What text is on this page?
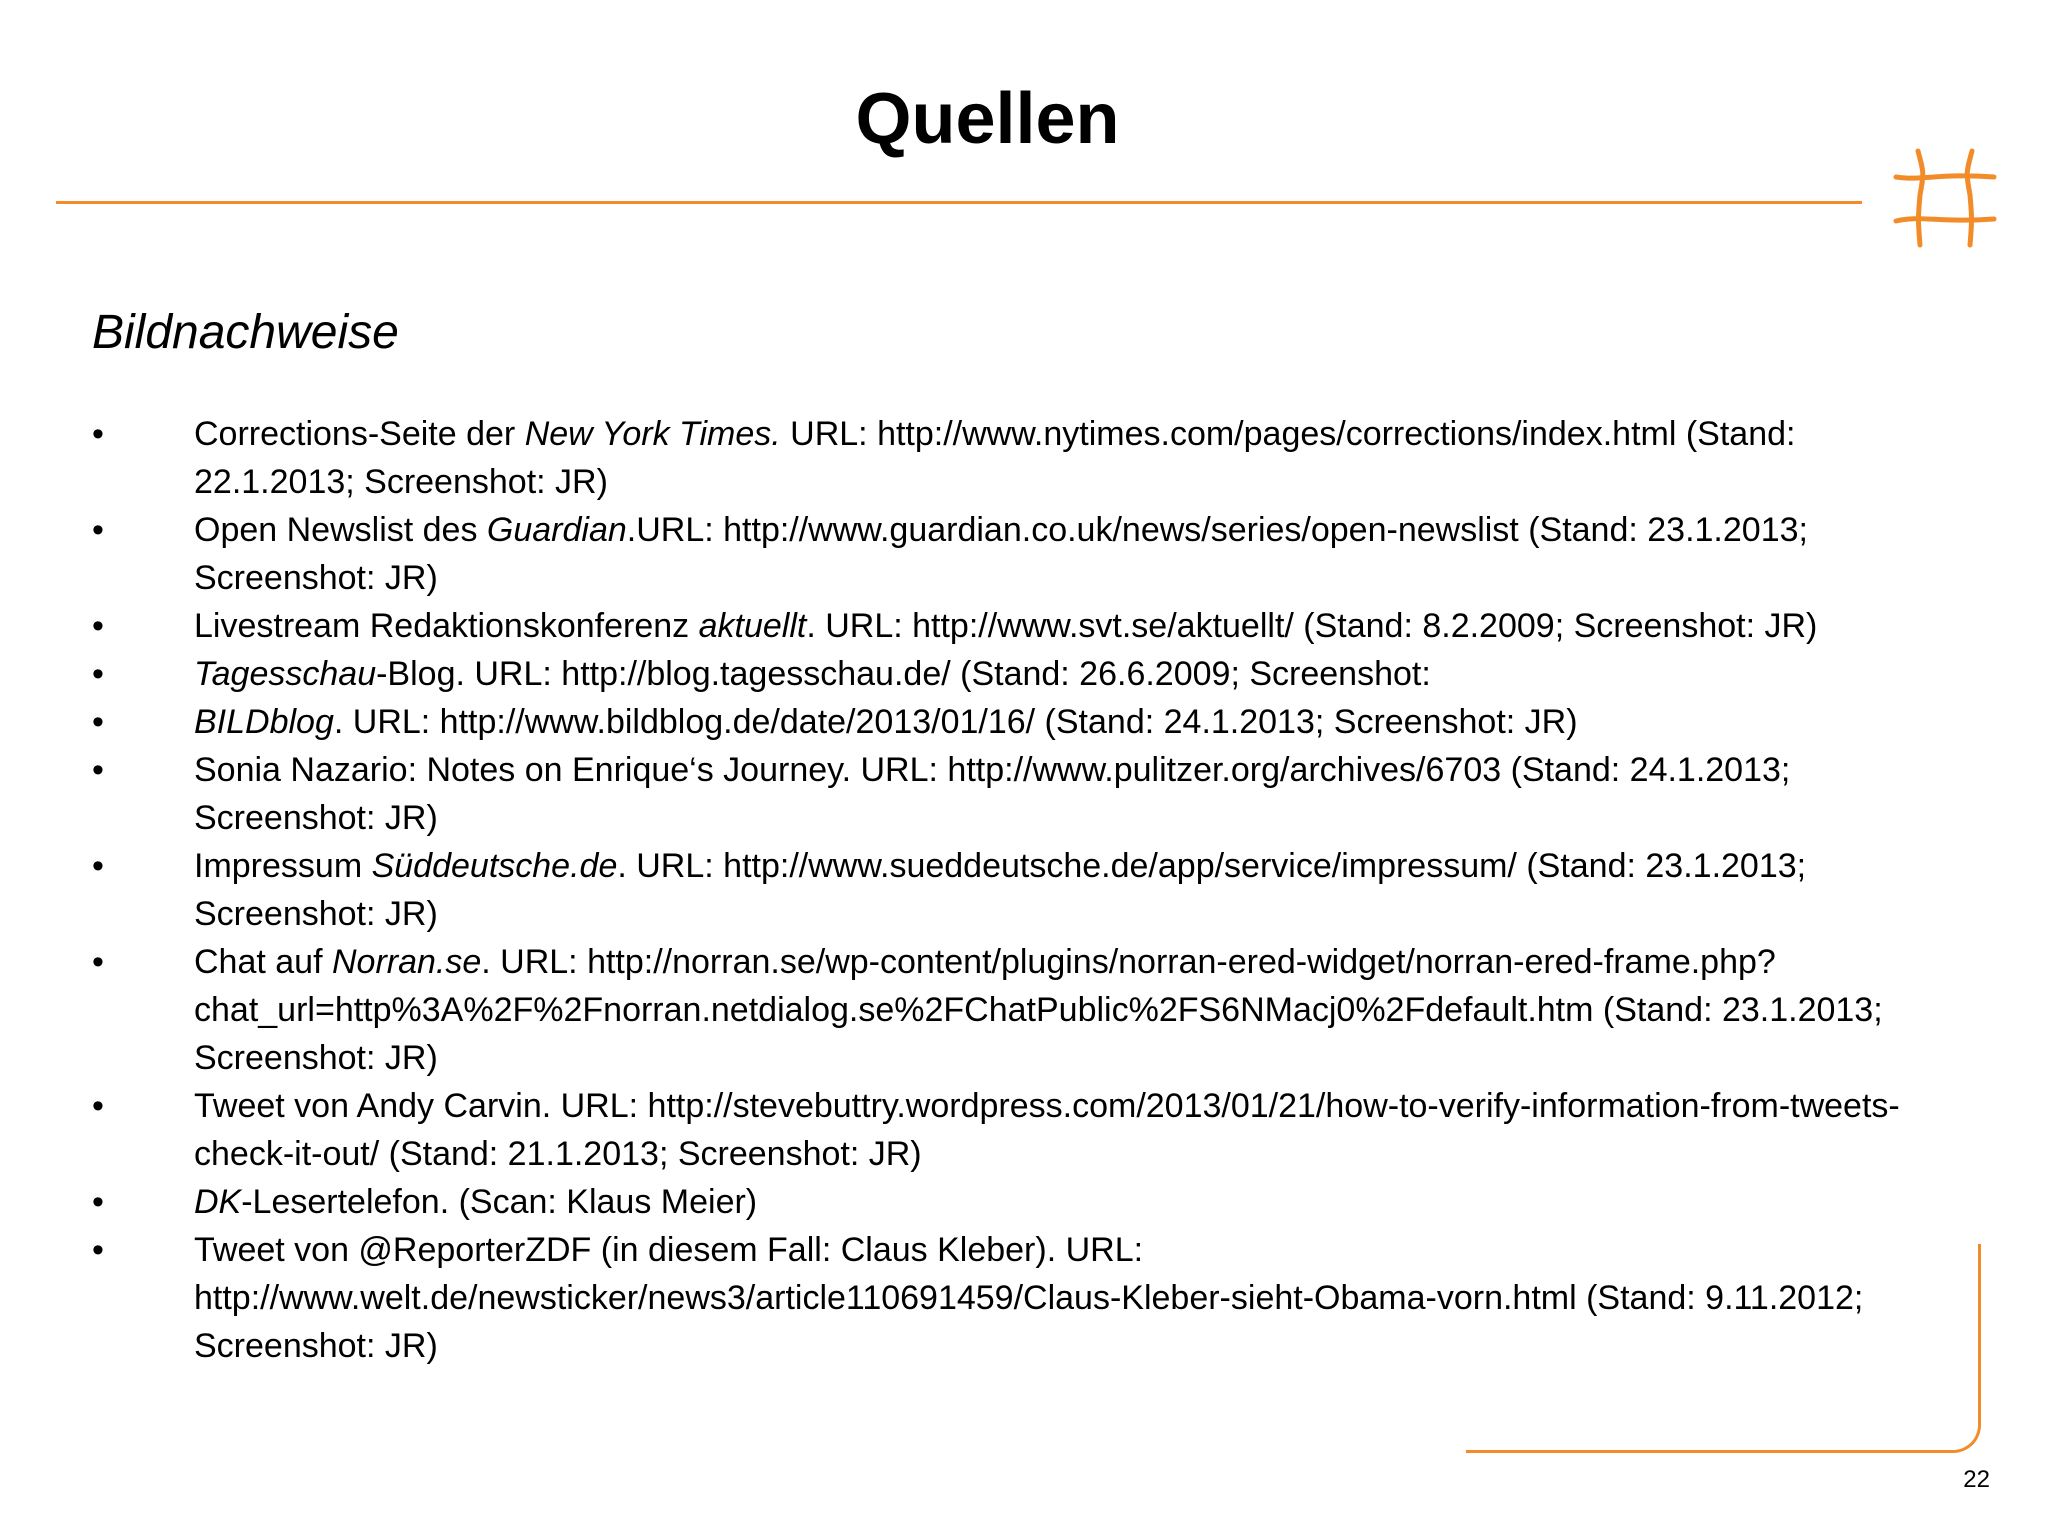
Quellen
Bildnachweise
•	Corrections-Seite der New York Times. URL: http://www.nytimes.com/pages/corrections/index.html (Stand: 22.1.2013; Screenshot: JR)
•	Open Newslist des Guardian.URL: http://www.guardian.co.uk/news/series/open-newslist (Stand: 23.1.2013; Screenshot: JR)
•	Livestream Redaktionskonferenz aktuellt. URL: http://www.svt.se/aktuellt/ (Stand: 8.2.2009; Screenshot: JR)
•	Tagesschau-Blog. URL: http://blog.tagesschau.de/ (Stand: 26.6.2009; Screenshot:
•	BILDblog. URL: http://www.bildblog.de/date/2013/01/16/ (Stand: 24.1.2013; Screenshot: JR)
•	Sonia Nazario: Notes on Enrique‘s Journey. URL: http://www.pulitzer.org/archives/6703 (Stand: 24.1.2013; Screenshot: JR)
•	Impressum Süddeutsche.de. URL: http://www.sueddeutsche.de/app/service/impressum/ (Stand: 23.1.2013; Screenshot: JR)
•	Chat auf Norran.se. URL: http://norran.se/wp-content/plugins/norran-ered-widget/norran-ered-frame.php?chat_url=http%3A%2F%2Fnorran.netdialog.se%2FChatPublic%2FS6NMacj0%2Fdefault.htm (Stand: 23.1.2013; Screenshot: JR)
•	Tweet von Andy Carvin. URL: http://stevebuttry.wordpress.com/2013/01/21/how-to-verify-information-from-tweets-check-it-out/ (Stand: 21.1.2013; Screenshot: JR)
•	DK-Lesertelefon. (Scan: Klaus Meier)
•	Tweet von @ReporterZDF (in diesem Fall: Claus Kleber). URL: http://www.welt.de/newsticker/news3/article110691459/Claus-Kleber-sieht-Obama-vorn.html (Stand: 9.11.2012; Screenshot: JR)
22
